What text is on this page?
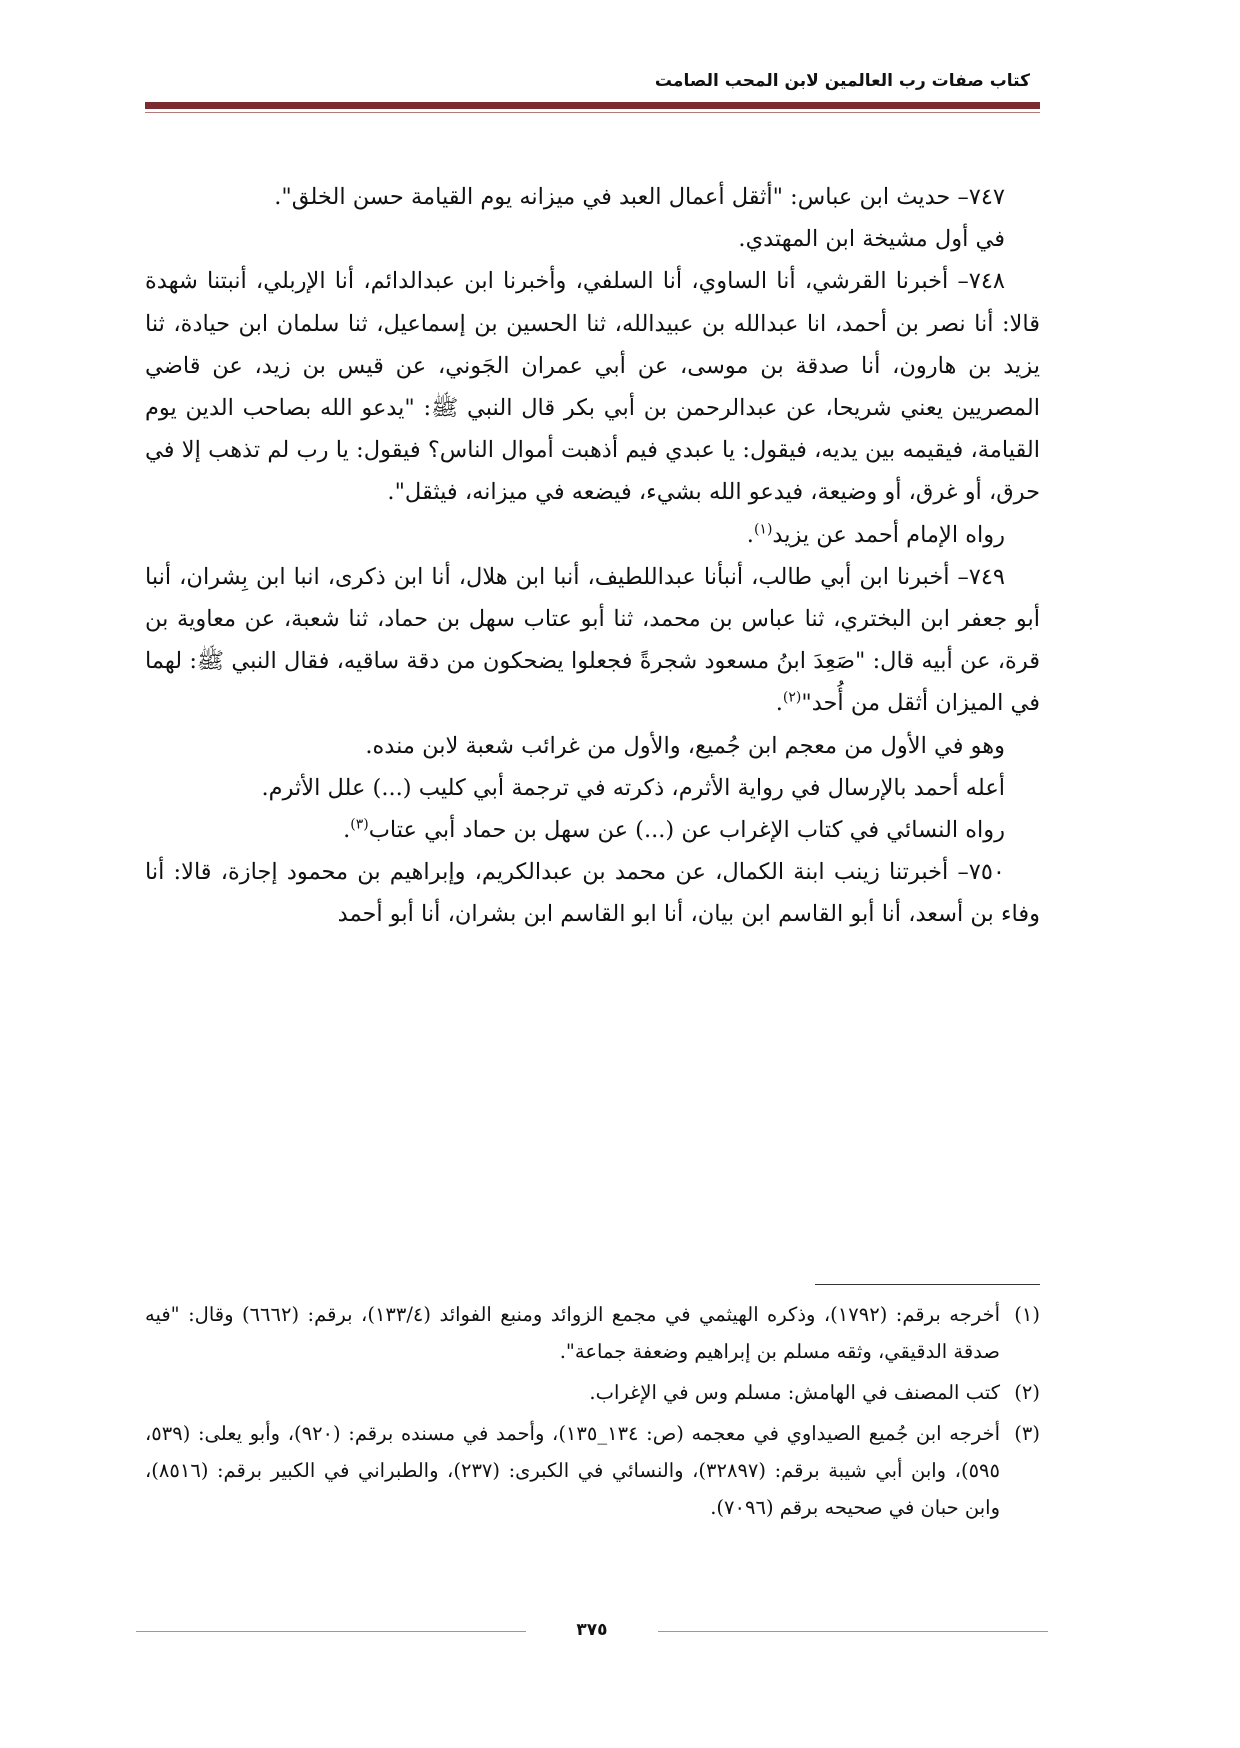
كتاب صفات رب العالمين لابن المحب الصامت

٧٤٧– حديث ابن عباس: "أثقل أعمال العبد في ميزانه يوم القيامة حسن الخلق".

في أول مشيخة ابن المهتدي.

٧٤٨– أخبرنا القرشي، أنا الساوي، أنا السلفي، وأخبرنا ابن عبدالدائم، أنا الإربلي، أنبتنا شهدة قالا: أنا نصر بن أحمد، انا عبدالله بن عبيدالله، ثنا الحسين بن إسماعيل، ثنا سلمان ابن حيادة، ثنا يزيد بن هارون، أنا صدقة بن موسى، عن أبي عمران الجَوني، عن قيس بن زيد، عن قاضي المصريين يعني شريحا، عن عبدالرحمن بن أبي بكر قال النبي ﷺ: "يدعو الله بصاحب الدين يوم القيامة، فيقيمه بين يديه، فيقول: يا عبدي فيم أذهبت أموال الناس؟ فيقول: يا رب لم تذهب إلا في حرق، أو غرق، أو وضيعة، فيدعو الله بشيء، فيضعه في ميزانه، فيثقل".

رواه الإمام أحمد عن يزيد$^{(١)}$.

٧٤٩– أخبرنا ابن أبي طالب، أنبأنا عبداللطيف، أنبا ابن هلال، أنا ابن ذكرى، انبا ابن بِشران، أنبا أبو جعفر ابن البختري، ثنا عباس بن محمد، ثنا أبو عتاب سهل بن حماد، ثنا شعبة، عن معاوية بن قرة، عن أبيه قال: "صَعِدَ ابنُ مسعود شجرةً فجعلوا يضحكون من دقة ساقيه، فقال النبي ﷺ: لهما في الميزان أثقل من أُحد"$^{(٢)}$.

وهو في الأول من معجم ابن جُميع، والأول من غرائب شعبة لابن منده.

أعله أحمد بالإرسال في رواية الأثرم، ذكرته في ترجمة أبي كليب (...) علل الأثرم.

رواه النسائي في كتاب الإغراب عن (...) عن سهل بن حماد أبي عتاب$^{(٣)}$.

٧٥٠– أخبرتنا زينب ابنة الكمال، عن محمد بن عبدالكريم، وإبراهيم بن محمود إجازة، قالا: أنا وفاء بن أسعد، أنا أبو القاسم ابن بيان، أنا ابو القاسم ابن بشران، أنا أبو أحمد

(١)
أخرجه برقم: (١٧٩٢)، وذكره الهيثمي في مجمع الزوائد ومنبع الفوائد (١٣٣/٤)، برقم: (٦٦٦٢) وقال: "فيه صدقة الدقيقي، وثقه مسلم بن إبراهيم وضعفة جماعة".
(٢)
كتب المصنف في الهامش: مسلم وس في الإغراب.
(٣)
أخرجه ابن جُميع الصيداوي في معجمه (ص: ١٣٤_١٣٥)، وأحمد في مسنده برقم: (٩٢٠)، وأبو يعلى: (٥٣٩، ٥٩٥)، وابن أبي شيبة برقم: (٣٢٨٩٧)، والنسائي في الكبرى: (٢٣٧)، والطبراني في الكبير برقم: (٨٥١٦)، وابن حبان في صحيحه برقم (٧٠٩٦).
٣٧٥
